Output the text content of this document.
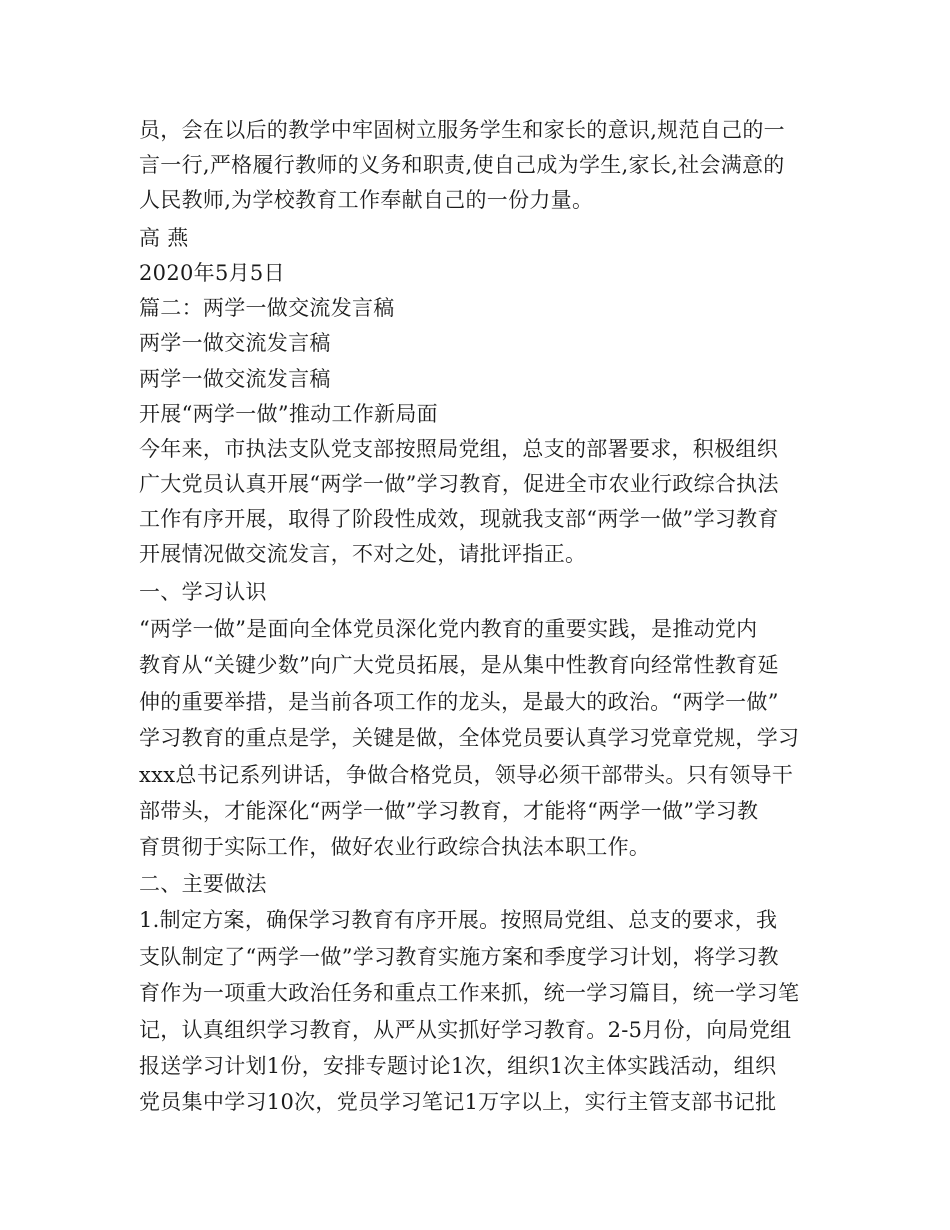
员，会在以后的教学中牢固树立服务学生和家长的意识,规范自己的一
言一行,严格履行教师的义务和职责,使自己成为学生,家长,社会满意的
人民教师,为学校教育工作奉献自己的一份力量。
高 燕
2020年5月5日
篇二：两学一做交流发言稿
两学一做交流发言稿
两学一做交流发言稿
开展“两学一做”推动工作新局面
今年来，市执法支队党支部按照局党组，总支的部署要求，积极组织
广大党员认真开展“两学一做”学习教育，促进全市农业行政综合执法
工作有序开展，取得了阶段性成效，现就我支部“两学一做”学习教育
开展情况做交流发言，不对之处，请批评指正。
一、学习认识
“两学一做”是面向全体党员深化党内教育的重要实践，是推动党内
教育从“关键少数”向广大党员拓展，是从集中性教育向经常性教育延
伸的重要举措，是当前各项工作的龙头，是最大的政治。“两学一做”
学习教育的重点是学，关键是做，全体党员要认真学习党章党规，学习
xxx总书记系列讲话，争做合格党员，领导必须干部带头。只有领导干
部带头，才能深化“两学一做”学习教育，才能将“两学一做”学习教
育贯彻于实际工作，做好农业行政综合执法本职工作。
二、主要做法
1.制定方案，确保学习教育有序开展。按照局党组、总支的要求，我
支队制定了“两学一做”学习教育实施方案和季度学习计划，将学习教
育作为一项重大政治任务和重点工作来抓，统一学习篇目，统一学习笔
记，认真组织学习教育，从严从实抓好学习教育。2-5月份，向局党组
报送学习计划1份，安排专题讨论1次，组织1次主体实践活动，组织
党员集中学习10次，党员学习笔记1万字以上，实行主管支部书记批
